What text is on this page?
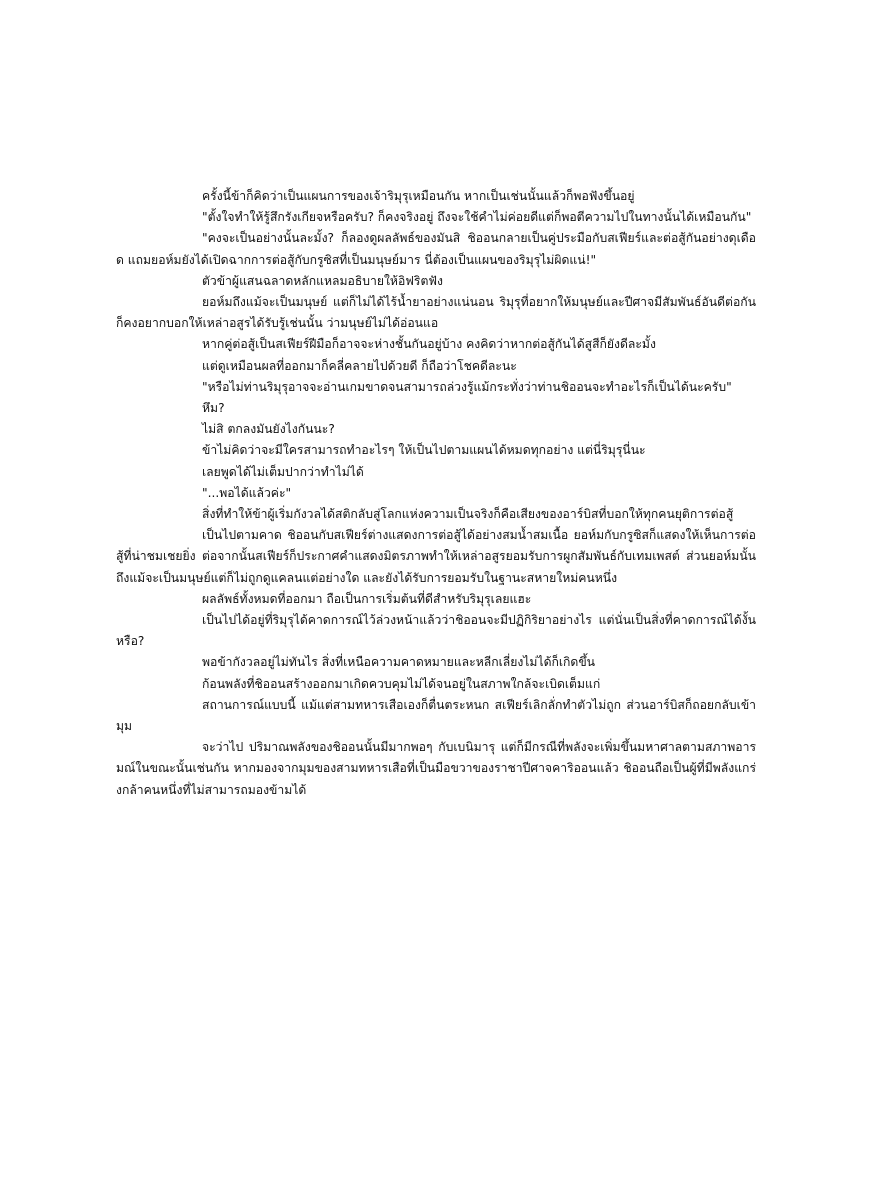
ครั้งนี้ข้าก็คิดว่าเป็นแผนการของเจ้าริมุรุเหมือนกัน หากเป็นเช่นนั้นแล้วก็พอฟังขึ้นอยู่

"ตั้งใจทำให้รู้สึกรังเกียจหรือครับ? ก็คงจริงอยู่ ถึงจะใช้คำไม่ค่อยดีแต่ก็พอตีความไปในทางนั้นได้เหมือนกัน"

"คงจะเป็นอย่างนั้นละมั้ง? ก็ลองดูผลลัพธ์ของมันสิ ชิออนกลายเป็นคู่ประมือกับสเฟียร์และต่อสู้กันอย่างดุเดือด แถมยอห์มยังได้เปิดฉากการต่อสู้กับกรูซิสที่เป็นมนุษย์มาร นี่ต้องเป็นแผนของริมุรุไม่ผิดแน่!"

ตัวข้าผู้แสนฉลาดหลักแหลมอธิบายให้อิฟริตฟัง

ยอห์มถึงแม้จะเป็นมนุษย์ แต่ก็ไม่ได้ไร้น้ำยาอย่างแน่นอน ริมุรุที่อยากให้มนุษย์และปีศาจมีสัมพันธ์อันดีต่อกัน ก็คงอยากบอกให้เหล่าอสูรได้รับรู้เช่นนั้น ว่ามนุษย์ไม่ได้อ่อนแอ

หากคู่ต่อสู้เป็นสเฟียร์ฝีมือก็อาจจะห่างชั้นกันอยู่บ้าง คงคิดว่าหากต่อสู้กันได้สูสีก็ยังดีละมั้ง

แต่ดูเหมือนผลที่ออกมาก็คลี่คลายไปด้วยดี ก็ถือว่าโชคดีละนะ

"หรือไม่ท่านริมุรุอาจจะอ่านเกมขาดจนสามารถล่วงรู้แม้กระทั่งว่าท่านชิออนจะทำอะไรก็เป็นได้นะครับ"

หึม?

ไม่สิ ตกลงมันยังไงกันนะ?

ข้าไม่คิดว่าจะมีใครสามารถทำอะไรๆ ให้เป็นไปตามแผนได้หมดทุกอย่าง แต่นี่ริมุรุนี่นะ

เลยพูดได้ไม่เต็มปากว่าทำไม่ได้

"...พอได้แล้วค่ะ"

สิ่งที่ทำให้ข้าผู้เริ่มกังวลได้สติกลับสู่โลกแห่งความเป็นจริงก็คือเสียงของอาร์บิสที่บอกให้ทุกคนยุติการต่อสู้

เป็นไปตามคาด ชิออนกับสเฟียร์ต่างแสดงการต่อสู้ได้อย่างสมน้ำสมเนื้อ ยอห์มกับกรูซิสก็แสดงให้เห็นการต่อสู้ที่น่าชมเชยยิ่ง ต่อจากนั้นสเฟียร์ก็ประกาศคำแสดงมิตรภาพทำให้เหล่าอสูรยอมรับการผูกสัมพันธ์กับเทมเพสต์ ส่วนยอห์มนั้นถึงแม้จะเป็นมนุษย์แต่ก็ไม่ถูกดูแคลนแต่อย่างใด และยังได้รับการยอมรับในฐานะสหายใหม่คนหนึ่ง

ผลลัพธ์ทั้งหมดที่ออกมา ถือเป็นการเริ่มต้นที่ดีสำหรับริมุรุเลยแฮะ

เป็นไปได้อยู่ที่ริมุรุได้คาดการณ์ไว้ล่วงหน้าแล้วว่าชิออนจะมีปฏิกิริยาอย่างไร แต่นั่นเป็นสิ่งที่คาดการณ์ได้งั้นหรือ?

พอข้ากังวลอยู่ไม่ทันไร สิ่งที่เหนือความคาดหมายและหลีกเลี่ยงไม่ได้ก็เกิดขึ้น

ก้อนพลังที่ชิออนสร้างออกมาเกิดควบคุมไม่ได้จนอยู่ในสภาพใกล้จะเบิดเต็มแก่

สถานการณ์แบบนี้ แม้แต่สามทหารเสือเองก็ตื่นตระหนก สเฟียร์เลิกลั่กทำตัวไม่ถูก ส่วนอาร์บิสก็ถอยกลับเข้ามุม

จะว่าไป ปริมาณพลังของชิออนนั้นมีมากพอๆ กับเบนิมารุ แต่ก็มีกรณีที่พลังจะเพิ่มขึ้นมหาศาลตามสภาพอารมณ์ในขณะนั้นเช่นกัน หากมองจากมุมของสามทหารเสือที่เป็นมือขวาของราชาปีศาจคาริออนแล้ว ชิออนถือเป็นผู้ที่มีพลังแกร่งกล้าคนหนึ่งที่ไม่สามารถมองข้ามได้
